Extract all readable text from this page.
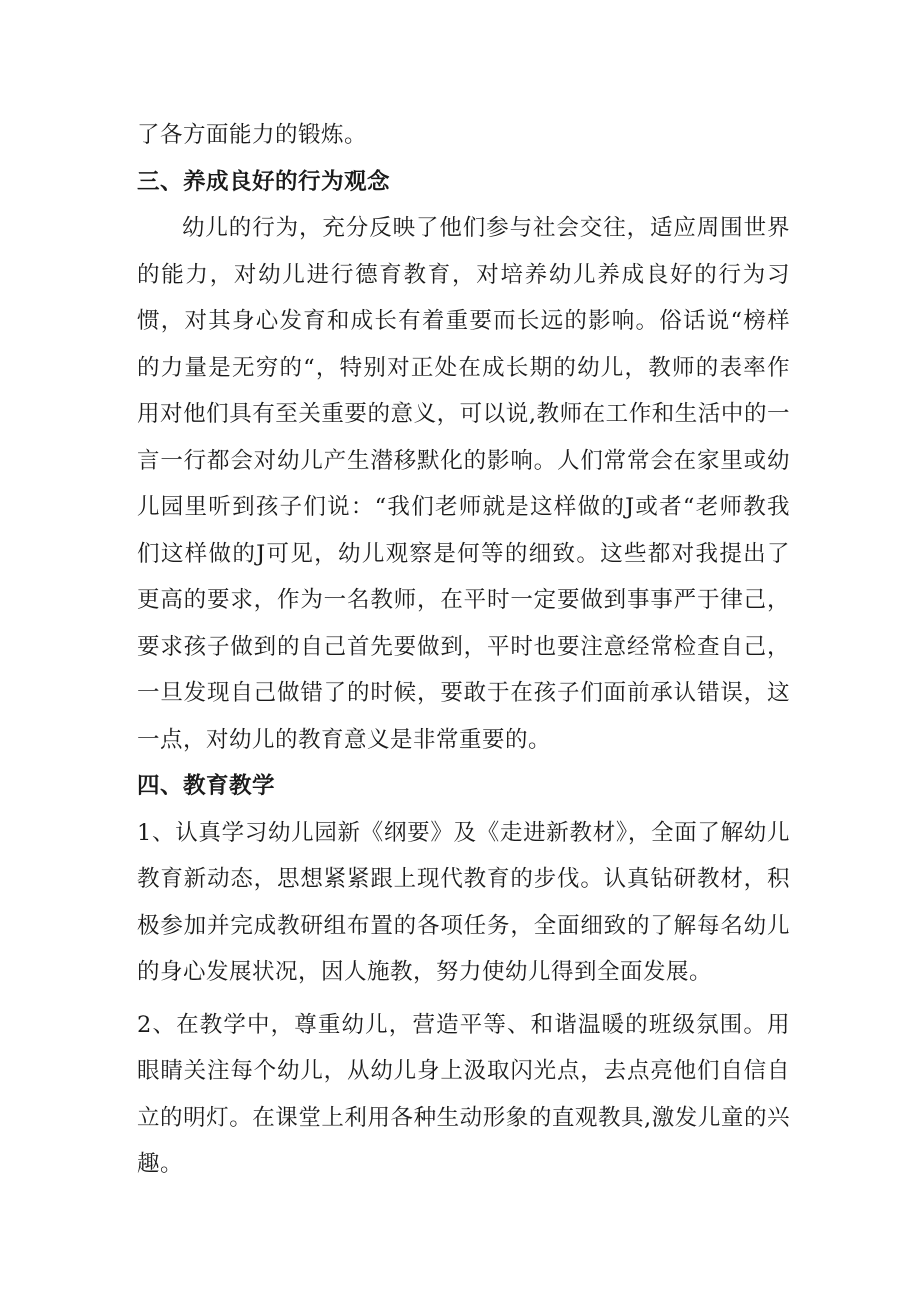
了各方面能力的锻炼。

三、养成良好的行为观念

幼儿的行为，充分反映了他们参与社会交往，适应周围世界的能力，对幼儿进行德育教育，对培养幼儿养成良好的行为习惯，对其身心发育和成长有着重要而长远的影响。俗话说“榜样的力量是无穷的“，特别对正处在成长期的幼儿，教师的表率作用对他们具有至关重要的意义，可以说,教师在工作和生活中的一言一行都会对幼儿产生潜移默化的影响。人们常常会在家里或幼儿园里听到孩子们说：“我们老师就是这样做的J或者“老师教我们这样做的J可见，幼儿观察是何等的细致。这些都对我提出了更高的要求，作为一名教师，在平时一定要做到事事严于律己，要求孩子做到的自己首先要做到，平时也要注意经常检查自己，一旦发现自己做错了的时候，要敢于在孩子们面前承认错误，这一点，对幼儿的教育意义是非常重要的。

四、教育教学

1、认真学习幼儿园新《纲要》及《走进新教材》，全面了解幼儿教育新动态，思想紧紧跟上现代教育的步伐。认真钻研教材，积极参加并完成教研组布置的各项任务，全面细致的了解每名幼儿的身心发展状况，因人施教，努力使幼儿得到全面发展。

2、在教学中，尊重幼儿，营造平等、和谐温暖的班级氛围。用眼睛关注每个幼儿，从幼儿身上汲取闪光点，去点亮他们自信自立的明灯。在课堂上利用各种生动形象的直观教具,激发儿童的兴趣。
